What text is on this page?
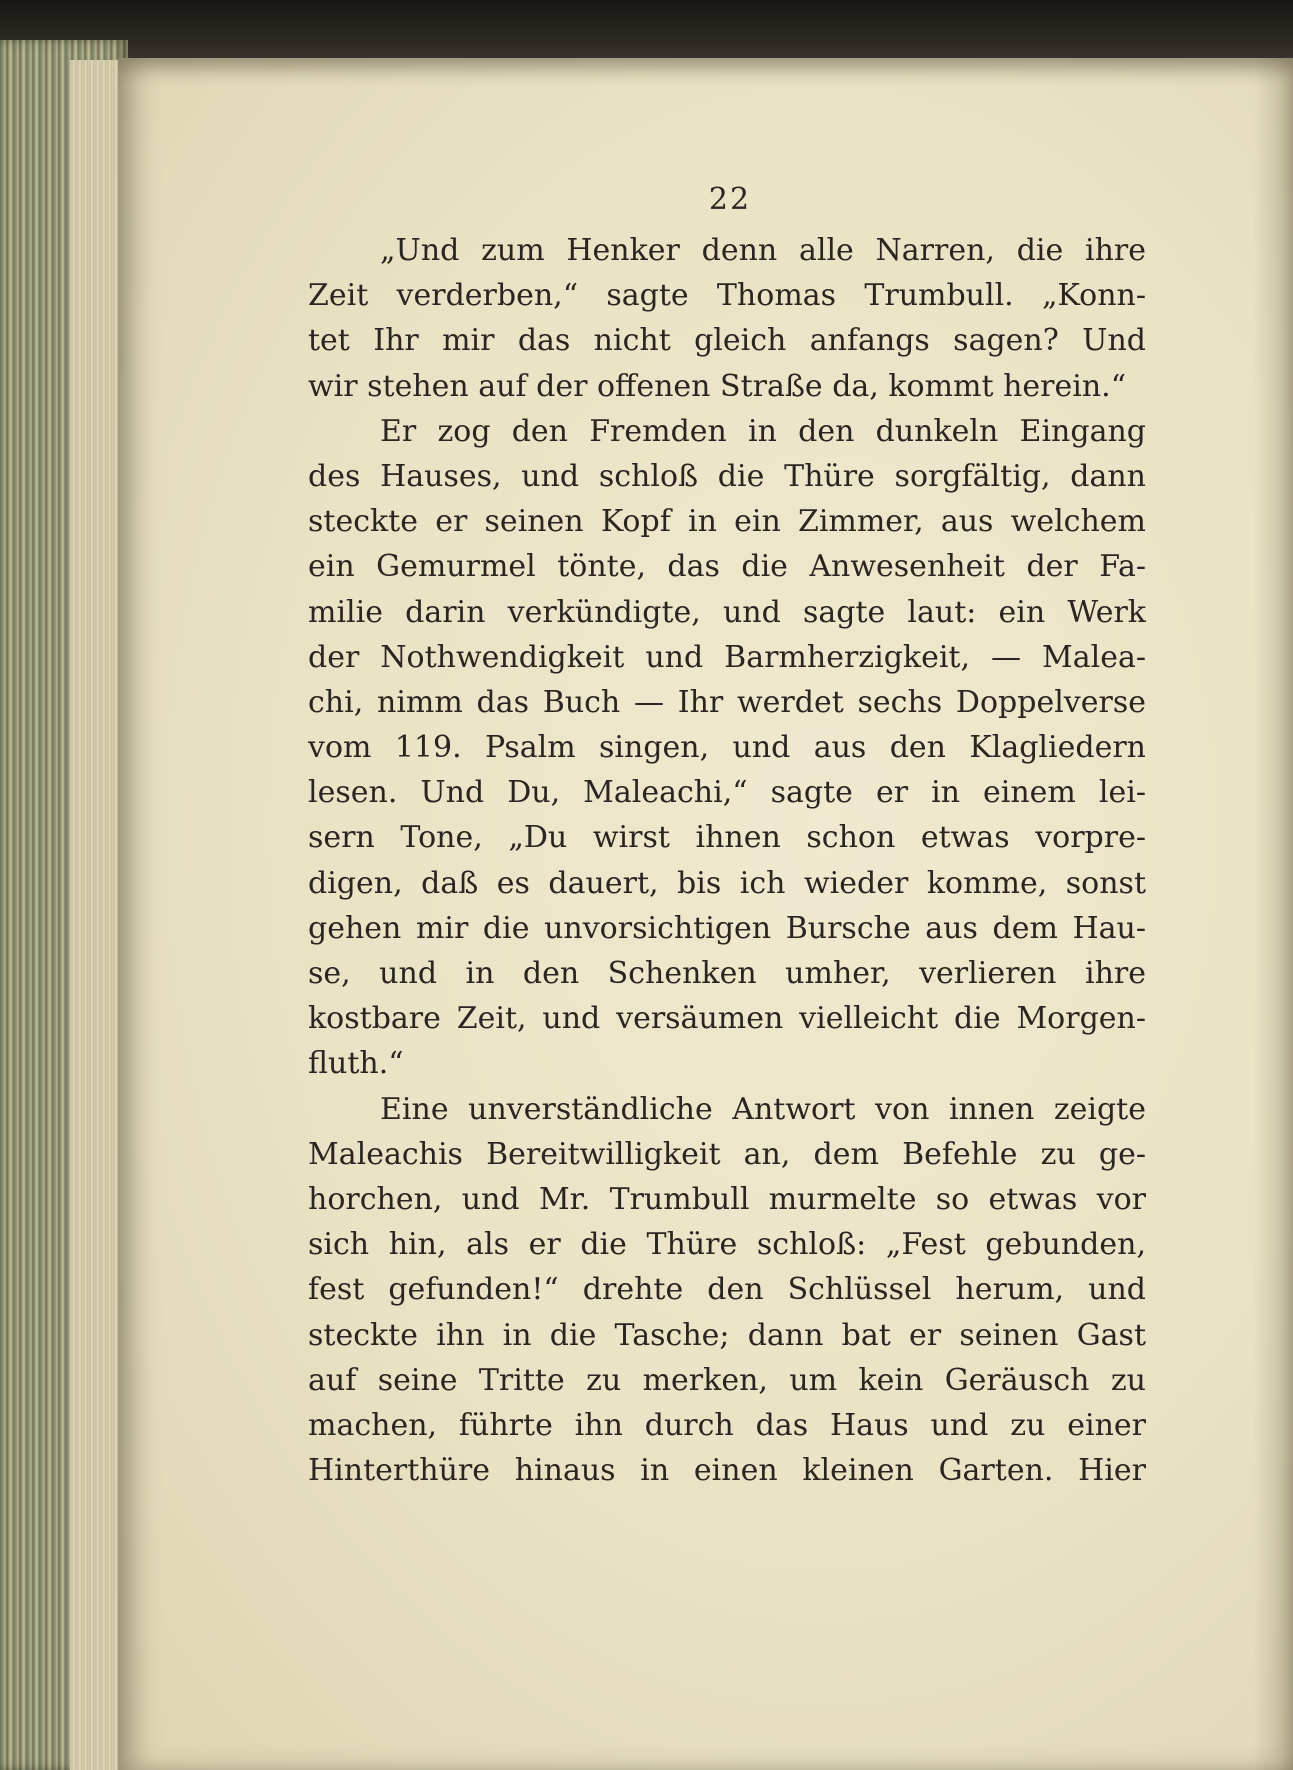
22
„Und zum Henker denn alle Narren, die ihre
Zeit verderben,“ sagte Thomas Trumbull. „Konn-
tet Ihr mir das nicht gleich anfangs sagen? Und
wir stehen auf der offenen Straße da, kommt herein.“
Er zog den Fremden in den dunkeln Eingang
des Hauses, und schloß die Thüre sorgfältig, dann
steckte er seinen Kopf in ein Zimmer, aus welchem
ein Gemurmel tönte, das die Anwesenheit der Fa-
milie darin verkündigte, und sagte laut: ein Werk
der Nothwendigkeit und Barmherzigkeit, — Malea-
chi, nimm das Buch — Ihr werdet sechs Doppelverse
vom 119. Psalm singen, und aus den Klagliedern
lesen. Und Du, Maleachi,“ sagte er in einem lei-
sern Tone, „Du wirst ihnen schon etwas vorpre-
digen, daß es dauert, bis ich wieder komme, sonst
gehen mir die unvorsichtigen Bursche aus dem Hau-
se, und in den Schenken umher, verlieren ihre
kostbare Zeit, und versäumen vielleicht die Morgen-
fluth.“
Eine unverständliche Antwort von innen zeigte
Maleachis Bereitwilligkeit an, dem Befehle zu ge-
horchen, und Mr. Trumbull murmelte so etwas vor
sich hin, als er die Thüre schloß: „Fest gebunden,
fest gefunden!“ drehte den Schlüssel herum, und
steckte ihn in die Tasche; dann bat er seinen Gast
auf seine Tritte zu merken, um kein Geräusch zu
machen, führte ihn durch das Haus und zu einer
Hinterthüre hinaus in einen kleinen Garten. Hier
